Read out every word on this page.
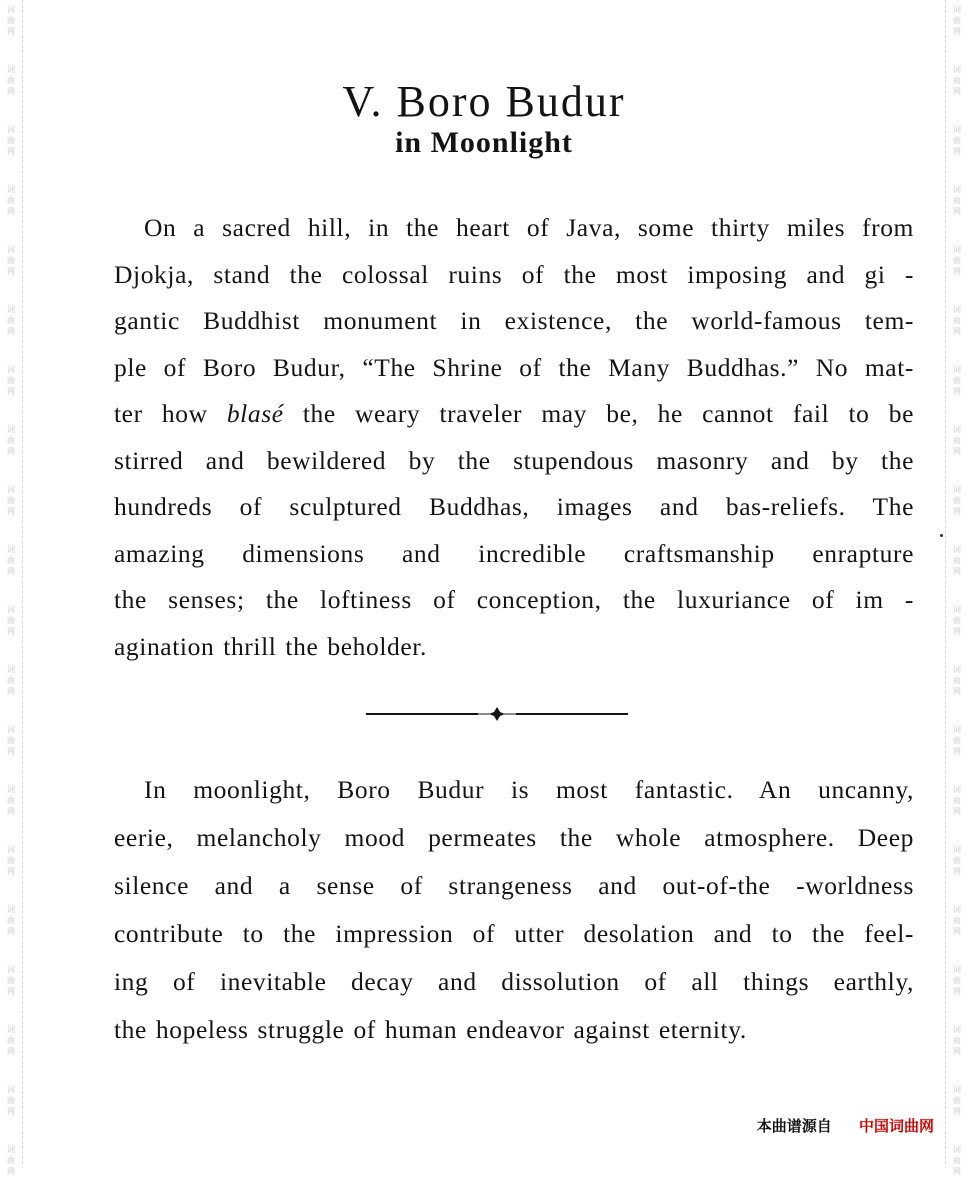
词
曲
网
词
曲
网
词
曲
网
词
曲
网
词
曲
网
词
曲
网
词
曲
网
词
曲
网
词
曲
网
词
曲
网
词
曲
网
词
曲
网
词
曲
网
词
曲
网
词
曲
网
词
曲
网
词
曲
网
词
曲
网
词
曲
网
词
曲
网
词
曲
网
词
曲
网
词
曲
网
词
曲
网
词
曲
网
词
曲
网
词
曲
网
词
曲
网
词
曲
网
词
曲
网
词
曲
网
词
曲
网
词
曲
网
词
曲
网
词
曲
网
词
曲
网
词
曲
网
词
曲
网
词
曲
网
词
曲
网
V. Boro Budur
in Moonlight

On a sacred hill, in the heart of Java, some thirty miles from
Djokja, stand the colossal ruins of the most imposing and gi -
gantic Buddhist monument in existence, the world-famous tem-
ple of Boro Budur, “The Shrine of the Many Buddhas.” No mat-
ter how blasé the weary traveler may be, he cannot fail to be
stirred and bewildered by the stupendous masonry and by the
hundreds of sculptured Buddhas, images and bas-reliefs. The
amazing dimensions and incredible craftsmanship enrapture
the senses; the loftiness of conception, the luxuriance of im -
agination thrill the beholder.

In moonlight, Boro Budur is most fantastic. An uncanny,
eerie, melancholy mood permeates the whole atmosphere. Deep
silence and a sense of strangeness and out-of-the -worldness
contribute to the impression of utter desolation and to the feel-
ing of inevitable decay and dissolution of all things earthly,
the hopeless struggle of human endeavor against eternity.

本曲谱源自 中国词曲网
